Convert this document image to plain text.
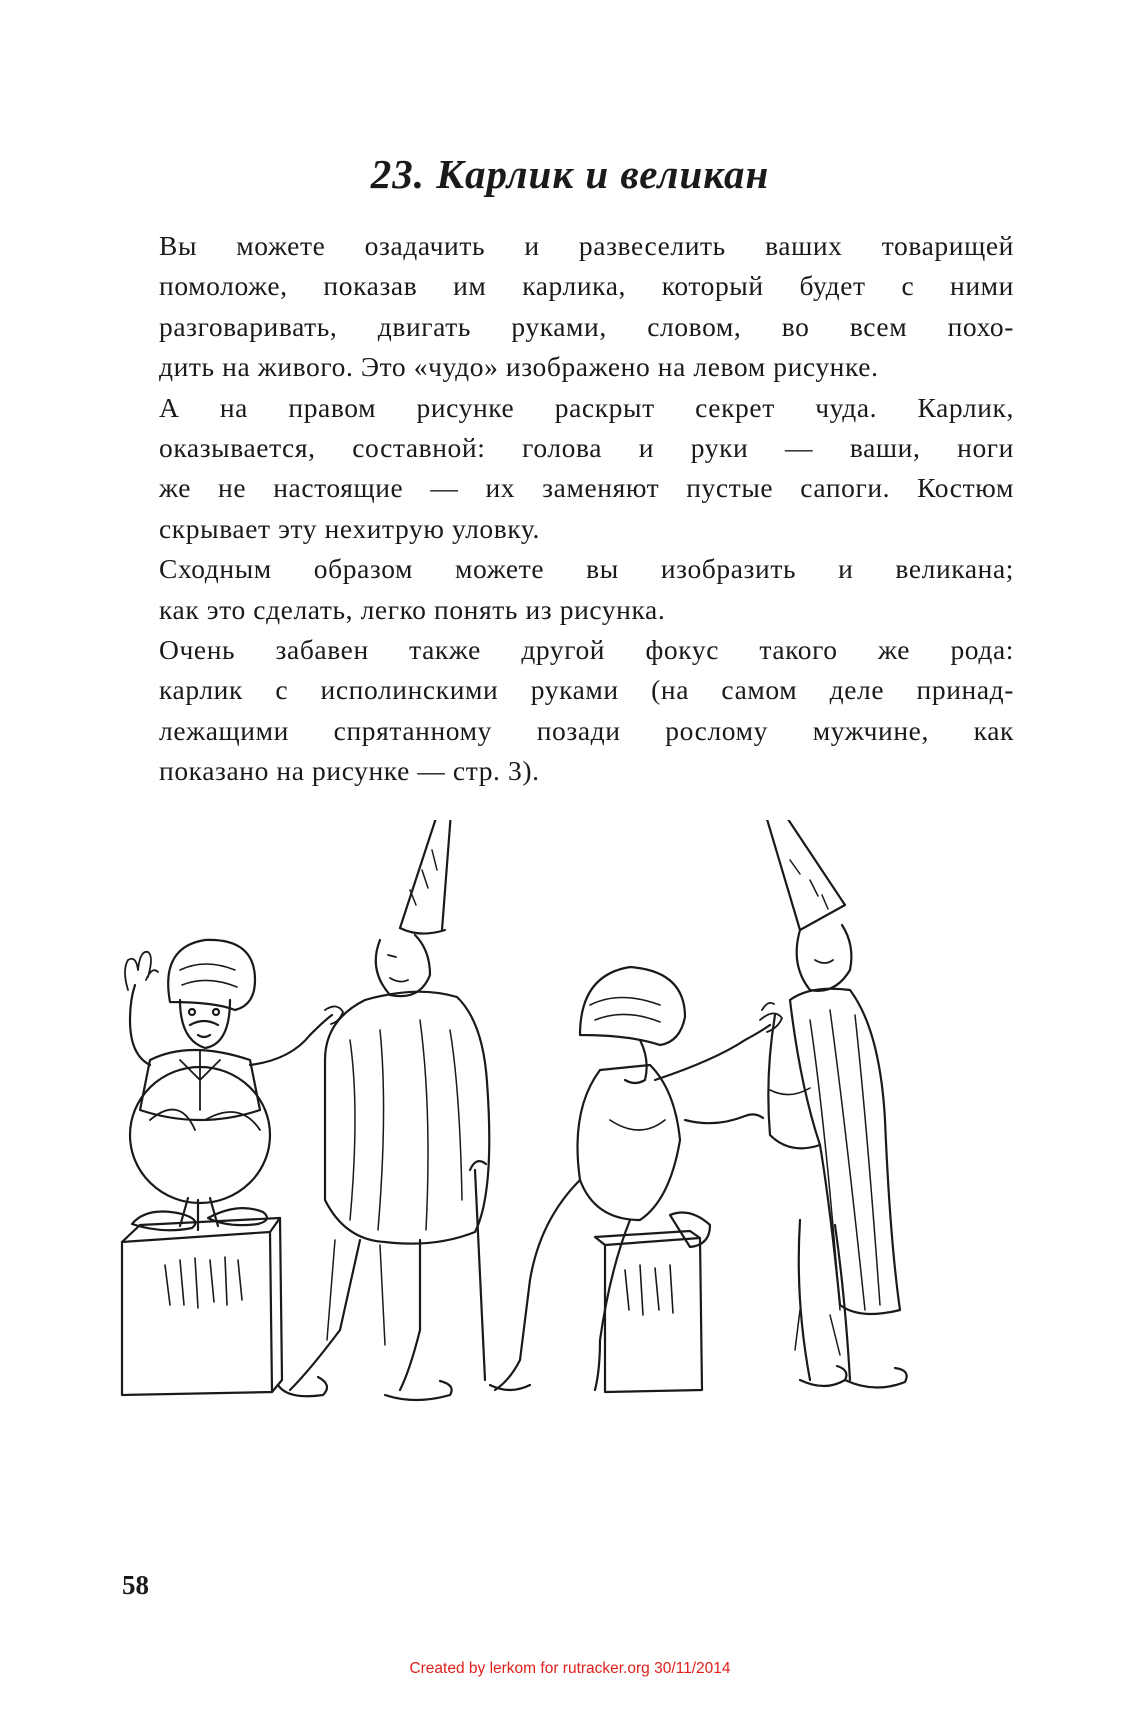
23. Карлик и великан

Вы можете озадачить и развеселить ваших товарищей
помоложе, показав им карлика, который будет с ними
разговаривать, двигать руками, словом, во всем похо-
дить на живого. Это «чудо» изображено на левом рисунке.

А на правом рисунке раскрыт секрет чуда. Карлик,
оказывается, составной: голова и руки — ваши, ноги
же не настоящие — их заменяют пустые сапоги. Костюм
скрывает эту нехитрую уловку.

Сходным образом можете вы изобразить и великана;
как это сделать, легко понять из рисунка.

Очень забавен также другой фокус такого же рода:
карлик с исполинскими руками (на самом деле принад-
лежащими спрятанному позади рослому мужчине, как
показано на рисунке — стр. 3).

58
Created by lerkom for rutracker.org 30/11/2014
